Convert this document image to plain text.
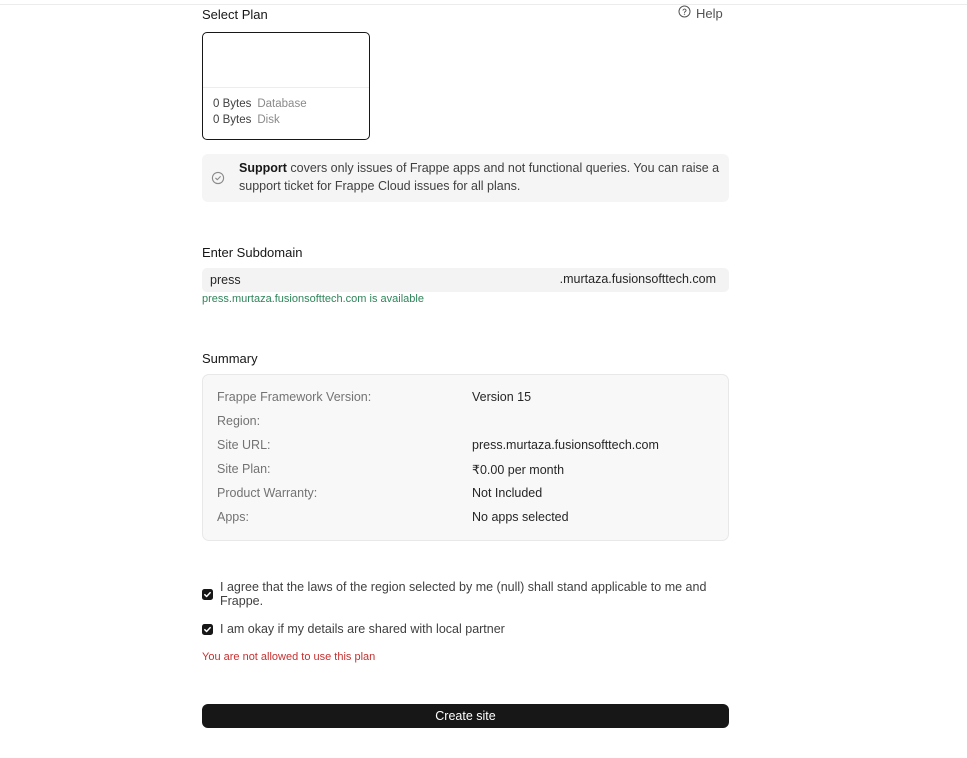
Select Plan	Help
0 Bytes Database
0 Bytes Disk
Support covers only issues of Frappe apps and not functional queries. You can raise a
support ticket for Frappe Cloud issues for all plans.
Enter Subdomain
press
.murtaza.fusionsofttech.com
press.murtaza.fusionsofttech.com is available
Summary
Frappe Framework Version:	Version 15
Region:
Site URL:	press.murtaza.fusionsofttech.com
Site Plan:	₹0.00 per month
Product Warranty:	Not Included
Apps:	No apps selected
I agree that the laws of the region selected by me (null) shall stand applicable to me and
Frappe.
I am okay if my details are shared with local partner
You are not allowed to use this plan
Create site
